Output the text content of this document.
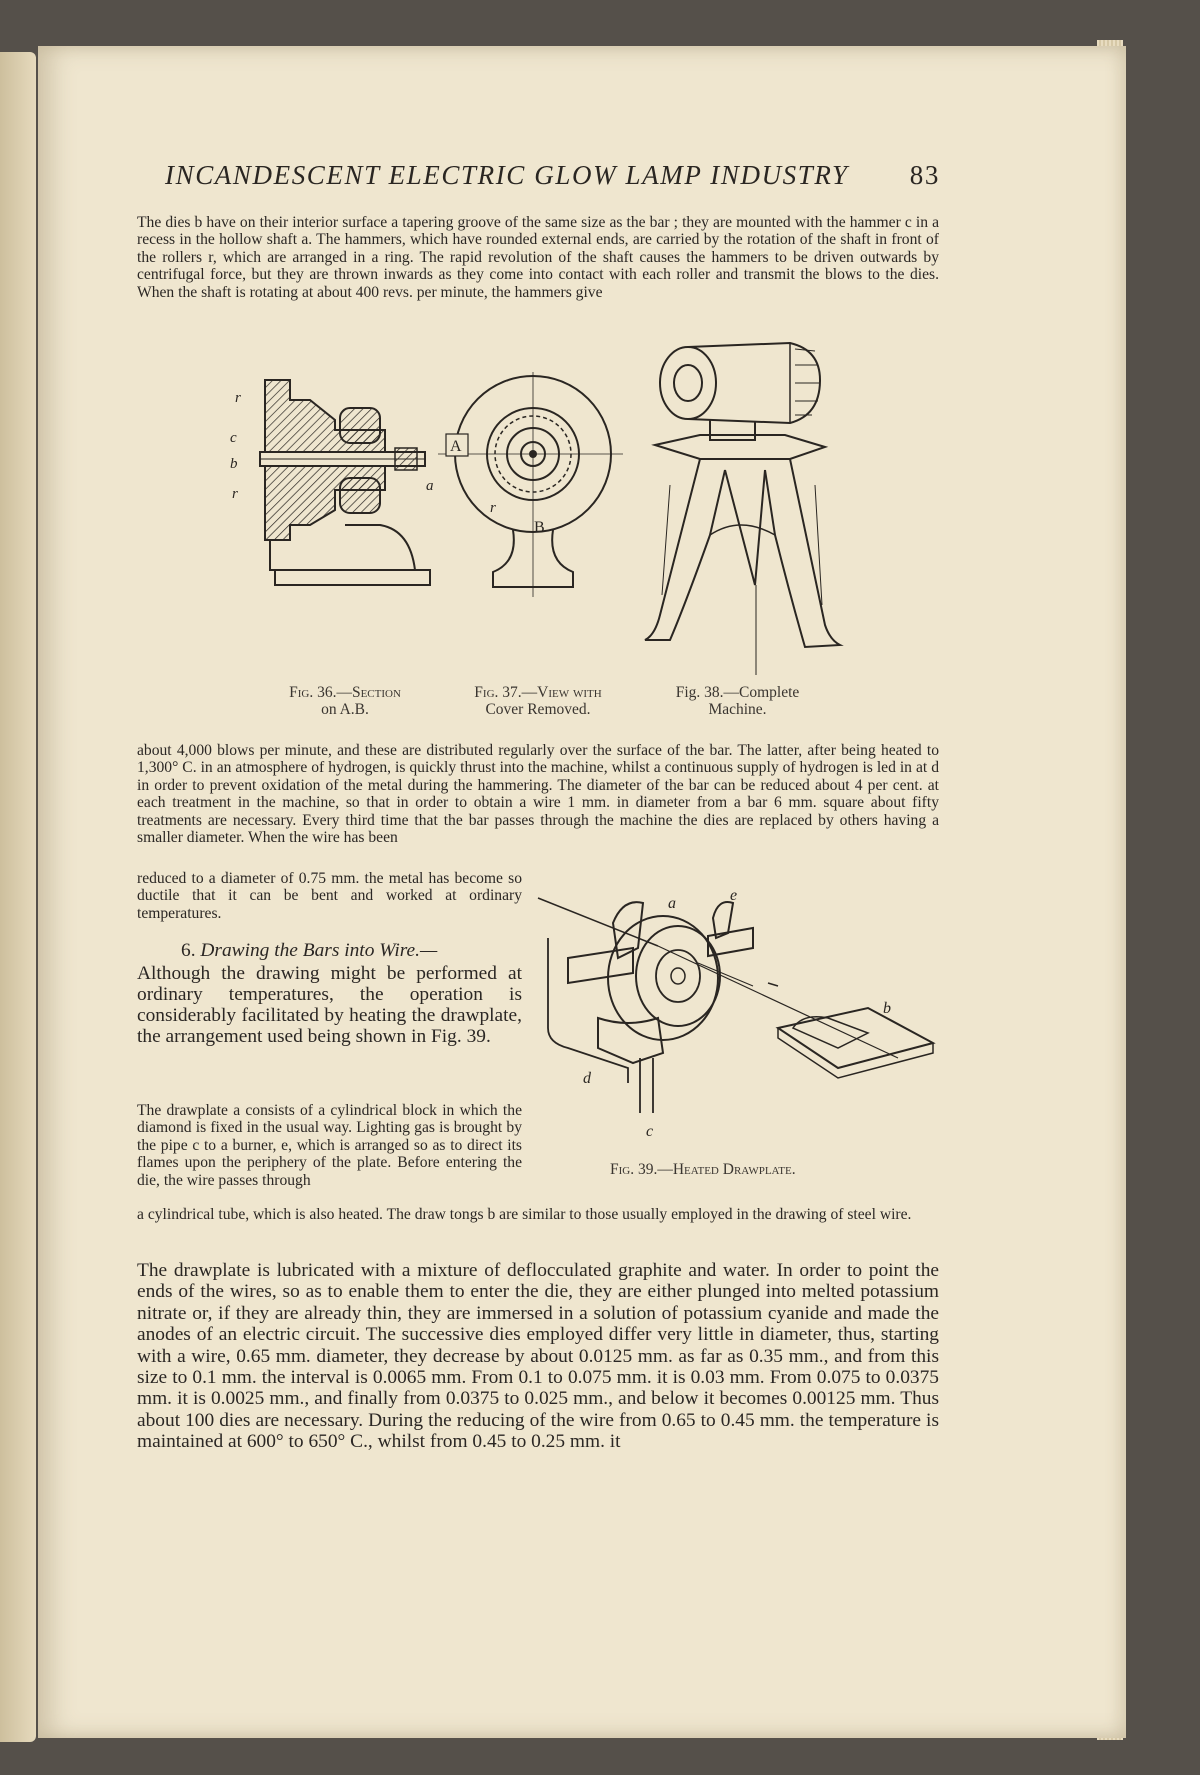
INCANDESCENT ELECTRIC GLOW LAMP INDUSTRY 83

The dies b have on their interior surface a tapering groove of the same size as the bar ; they are mounted with the hammer c in a recess in the hollow shaft a. The hammers, which have rounded external ends, are carried by the rotation of the shaft in front of the rollers r, which are arranged in a ring. The rapid revolution of the shaft causes the hammers to be driven outwards by centrifugal force, but they are thrown inwards as they come into contact with each roller and transmit the blows to the dies. When the shaft is rotating at about 400 revs. per minute, the hammers give

r
c
b
r	a
A
r
B
Fig. 36.—Section
on A.B.
Fig. 37.—View with
Cover Removed.
Fig. 38.—Complete
Machine.

about 4,000 blows per minute, and these are distributed regularly over the surface of the bar. The latter, after being heated to 1,300° C. in an atmosphere of hydrogen, is quickly thrust into the machine, whilst a continuous supply of hydrogen is led in at d in order to prevent oxidation of the metal during the hammering. The diameter of the bar can be reduced about 4 per cent. at each treatment in the machine, so that in order to obtain a wire 1 mm. in diameter from a bar 6 mm. square about fifty treatments are necessary. Every third time that the bar passes through the machine the dies are replaced by others having a smaller diameter. When the wire has been

reduced to a diameter of 0.75 mm. the metal has become so ductile that it can be bent and worked at ordinary temperatures.

6. Drawing the Bars into Wire.—

Although the drawing might be performed at ordinary temperatures, the operation is considerably facilitated by heating the drawplate, the arrangement used being shown in Fig. 39.

a	e
b
d
c
Fig. 39.—Heated Drawplate.

The drawplate a consists of a cylindrical block in which the diamond is fixed in the usual way. Lighting gas is brought by the pipe c to a burner, e, which is arranged so as to direct its flames upon the periphery of the plate. Before entering the die, the wire passes through

a cylindrical tube, which is also heated. The draw tongs b are similar to those usually employed in the drawing of steel wire.

The drawplate is lubricated with a mixture of deflocculated graphite and water. In order to point the ends of the wires, so as to enable them to enter the die, they are either plunged into melted potassium nitrate or, if they are already thin, they are immersed in a solution of potassium cyanide and made the anodes of an electric circuit. The successive dies employed differ very little in diameter, thus, starting with a wire, 0.65 mm. diameter, they decrease by about 0.0125 mm. as far as 0.35 mm., and from this size to 0.1 mm. the interval is 0.0065 mm. From 0.1 to 0.075 mm. it is 0.03 mm. From 0.075 to 0.0375 mm. it is 0.0025 mm., and finally from 0.0375 to 0.025 mm., and below it becomes 0.00125 mm. Thus about 100 dies are necessary. During the reducing of the wire from 0.65 to 0.45 mm. the temperature is maintained at 600° to 650° C., whilst from 0.45 to 0.25 mm. it
